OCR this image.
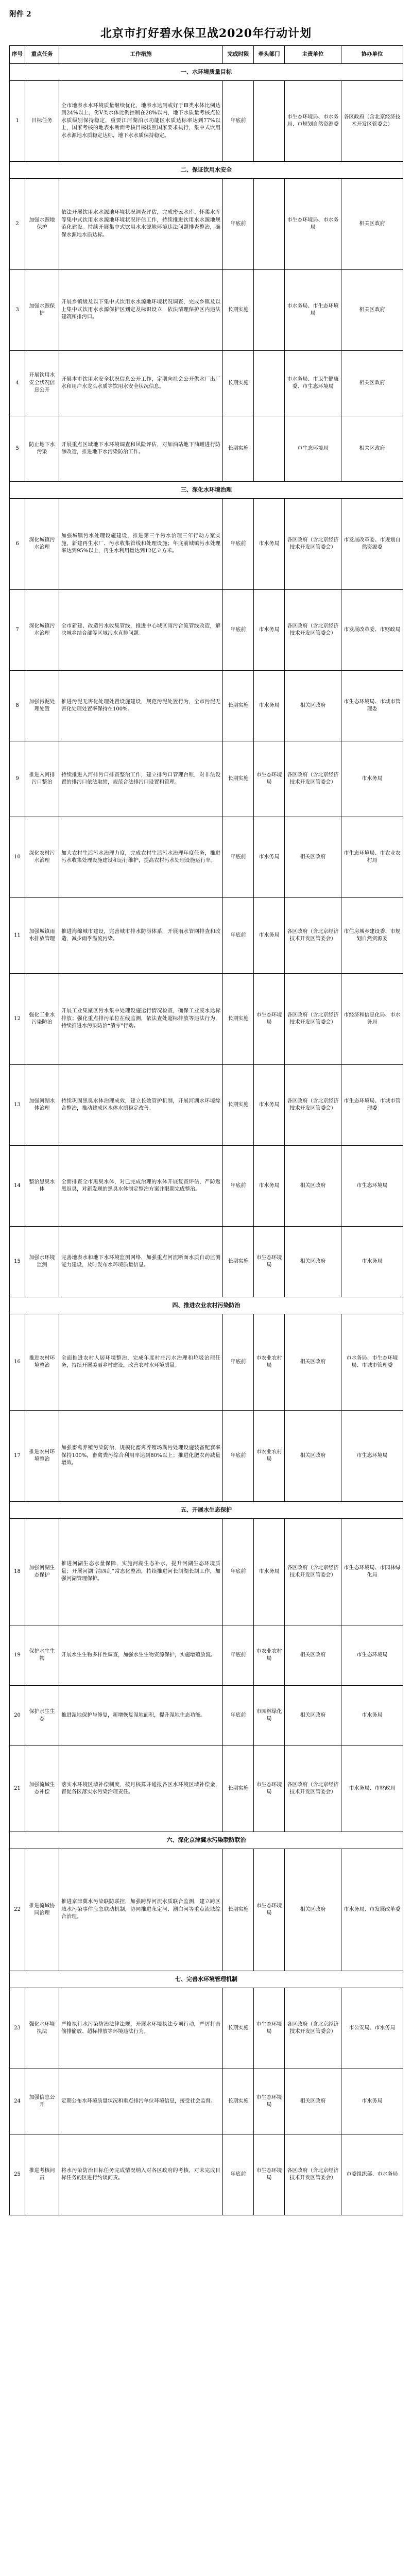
附件 2
北京市打好碧水保卫战2020年行动计划
序号	重点任务	工作措施	完成时限	牵头部门	主责单位	协办单位
一、水环境质量目标						
1	目标任务	全市地表水水环境质量继续优化，地表水达到或好于Ⅲ类水体比例达到24%以上，劣Ⅴ类水体比例控制在28%以内，地下水质量考核点位水质级别保持稳定，重要江河湖泊水功能区水质达标率达到77%以上，国家考核的地表水断面考核目标按照国家要求执行，集中式饮用水水源地水质稳定达标，地下水水质保持稳定。	年底前		市生态环境局、市水务局、市规划自然资源委	各区政府（含北京经济技术开发区管委会）
二、保证饮用水安全						
2	加强水源地保护	依法开展饮用水水源地环境状况调查评估，完成密云水库、怀柔水库等集中式饮用水水源地环境状况评估工作，持续推进饮用水水源地规范化建设。持续开展集中式饮用水水源地环境违法问题排查整治，确保水源地水质达标。	年底前		市生态环境局、市水务局	相关区政府
3	加强水源保护	开展乡镇级及以下集中式饮用水水源地环境状况调查，完成乡镇及以上集中式饮用水水源保护区划定及标识设立，依法清理保护区内违法建筑和排污口。	长期实施		市水务局、市生态环境局	相关区政府
4	开展饮用水安全状况信息公开	开展本市饮用水安全状况信息公开工作，定期向社会公开供水厂出厂水和用户水龙头水质等饮用水安全状况信息。	长期实施		市水务局、市卫生健康委、市生态环境局	相关区政府
5	防止地下水污染	开展重点区域地下水环境调查和风险评估，对加油站地下油罐进行防渗改造，推进地下水污染防治工作。	长期实施		市生态环境局	相关区政府
三、深化水环境治理						
6	深化城镇污水治理	加强城镇污水处理设施建设，推进第三个污水治理三年行动方案实施，新建再生水厂、污水收集管线和处理设施；年底前城镇污水处理率达到95%以上，再生水利用量达到12亿立方米。	年底前	市水务局	各区政府（含北京经济技术开发区管委会）	市发展改革委、市规划自然资源委
7	深化城镇污水治理	全市新建、改造污水收集管线，推进中心城区雨污合流管线改造，解决城乡结合部等区域污水直排问题。	年底前	市水务局	各区政府（含北京经济技术开发区管委会）	市发展改革委、市财政局
8	加强污泥处理处置	推进污泥无害化处理处置设施建设，规范污泥处置行为，全市污泥无害化处理处置率保持在100%。	长期实施	市水务局	相关区政府	市生态环境局、市城市管理委
9	推进入河排污口整治	持续推进入河排污口排查整治工作，建立排污口管理台账，对非法设置的排污口依法取缔，规范合法排污口设置和管理。	长期实施	市生态环境局	各区政府（含北京经济技术开发区管委会）	市水务局
10	深化农村污水治理	加大农村生活污水治理力度，完成农村生活污水治理年度任务，推进污水收集处理设施建设和运行维护，提高农村污水处理设施运行率。	年底前	市水务局	相关区政府	市生态环境局、市农业农村局
11	加强城镇雨水排放管理	推进海绵城市建设，完善城市排水防涝体系，开展雨水管网排查和改造，减少雨季溢流污染。	年底前	市水务局	各区政府（含北京经济技术开发区管委会）	市住房城乡建设委、市规划自然资源委
12	强化工业水污染防治	开展工业集聚区污水集中处理设施运行情况检查，确保工业废水达标排放；强化重点排污单位在线监测，依法查处超标排放等违法行为，持续推进水污染防治“清零”行动。	长期实施	市生态环境局	各区政府（含北京经济技术开发区管委会）	市经济和信息化局、市水务局
13	加强河湖水体治理	持续巩固黑臭水体治理成效，建立长效管护机制，开展河湖水环境综合整治，推动建成区水体水质稳定改善。	长期实施	市水务局	各区政府（含北京经济技术开发区管委会）	市生态环境局、市城市管理委
14	整治黑臭水体	全面排查全市黑臭水体，对已完成治理的水体开展复查评估，严防返黑返臭，对新发现的黑臭水体制定整治方案并限期完成整治。	年底前	市水务局	相关区政府	市生态环境局
15	加强水环境监测	完善地表水和地下水环境监测网络，加强重点河流断面水质自动监测能力建设，及时发布水环境质量信息。	长期实施	市生态环境局	相关区政府	市水务局
四、推进农业农村污染防治						
16	推进农村环境整治	全面推进农村人居环境整治，完成年度村庄污水治理和垃圾治理任务，持续开展美丽乡村建设，改善农村水环境质量。	年底前	市农业农村局	相关区政府	市水务局、市生态环境局、市城市管理委
17	推进农村环境整治	加强畜禽养殖污染防治，规模化畜禽养殖场粪污处理设施装备配套率保持100%，畜禽粪污综合利用率达到80%以上；推进化肥农药减量增效。	年底前	市农业农村局	相关区政府	市生态环境局
五、开展水生态保护						
18	加强河湖生态保护	推进河湖生态水量保障，实施河湖生态补水，提升河湖生态环境质量；开展河湖“清四乱”常态化整治，持续推进河长制湖长制工作，加强河湖管理保护。	年底前	市水务局	各区政府（含北京经济技术开发区管委会）	市生态环境局、市园林绿化局
19	保护水生生物	开展水生生物多样性调查，加强水生生物资源保护，实施增殖放流。	年底前	市农业农村局	相关区政府	市生态环境局
20	保护水生生态	推进湿地保护与修复，新增恢复湿地面积，提升湿地生态功能。	年底前	市园林绿化局	相关区政府	市水务局
21	加强流域生态补偿	落实水环境区域补偿制度，按月核算并通报各区水环境区域补偿金，督促各区落实水污染治理责任。	长期实施	市生态环境局	各区政府（含北京经济技术开发区管委会）	市水务局、市财政局
六、深化京津冀水污染联防联治						
22	推进流域协同治理	推进京津冀水污染联防联控，加强跨界河流水质联合监测，建立跨区域水污染事件应急联动机制，协同推进永定河、潮白河等重点流域综合治理。	长期实施	市生态环境局	相关区政府	市水务局、市发展改革委
七、完善水环境管理机制						
23	强化水环境执法	严格执行水污染防治法律法规，开展水环境执法专项行动，严厉打击偷排偷放、超标排放等环境违法行为。	长期实施	市生态环境局	各区政府（含北京经济技术开发区管委会）	市公安局、市水务局
24	加强信息公开	定期公布水环境质量状况和重点排污单位环境信息，接受社会监督。	长期实施	市生态环境局	相关区政府	市水务局
25	推进考核问责	将水污染防治目标任务完成情况纳入对各区政府的考核，对未完成目标任务的区进行约谈问责。	年底前	市生态环境局	各区政府（含北京经济技术开发区管委会）	市委组织部、市水务局
